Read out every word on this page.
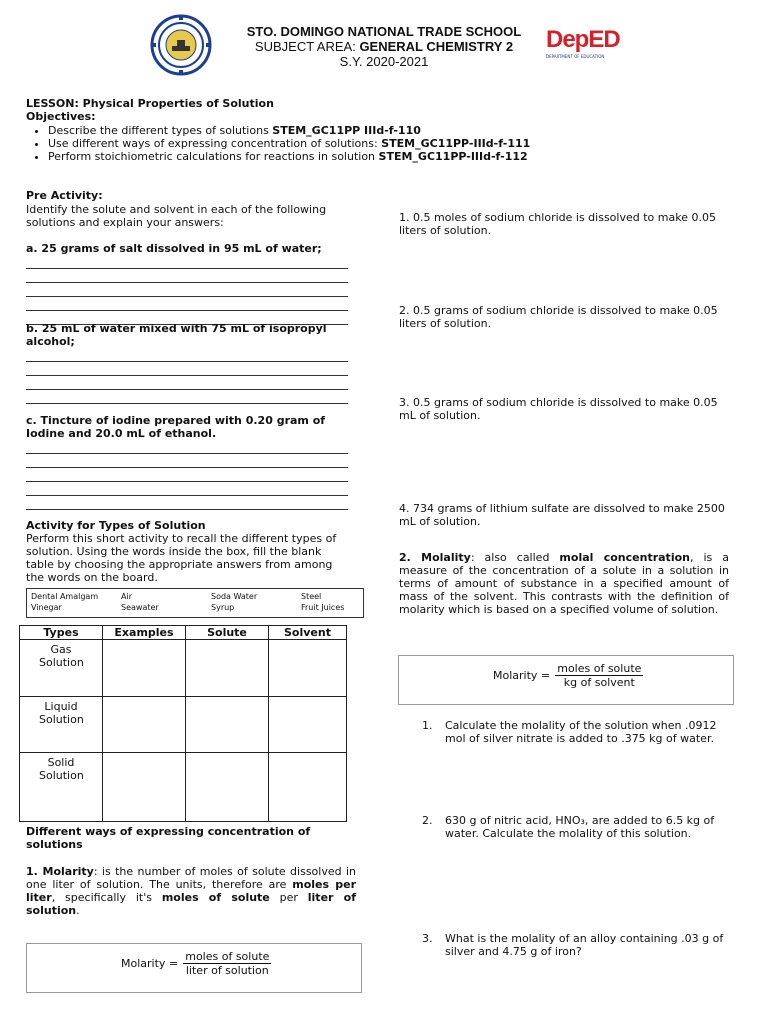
STO. DOMINGO NATIONAL TRADE SCHOOL
SUBJECT AREA: GENERAL CHEMISTRY 2
S.Y. 2020-2021
DepED
DEPARTMENT OF EDUCATION
LESSON: Physical Properties of Solution
Objectives:
• Describe the different types of solutions STEM_GC11PP IIId-f-110
• Use different ways of expressing concentration of solutions: STEM_GC11PP-IIId-f-111
• Perform stoichiometric calculations for reactions in solution STEM_GC11PP-IIId-f-112
Pre Activity:
Identify the solute and solvent in each of the following solutions and explain your answers:
a. 25 grams of salt dissolved in 95 mL of water;
b. 25 mL of water mixed with 75 mL of isopropyl alcohol;
c. Tincture of iodine prepared with 0.20 gram of Iodine and 20.0 mL of ethanol.
Activity for Types of Solution
Perform this short activity to recall the different types of solution. Using the words inside the box, fill the blank table by choosing the appropriate answers from among the words on the board.
Dental Amalgam	Air	Soda Water	Steel
Vinegar	Seawater	Syrup	Fruit Juices
Types	Examples	Solute	Solvent

Gas Solution			

Liquid Solution			

Solid Solution			

Different ways of expressing concentration of solutions
1. Molarity: is the number of moles of solute dissolved in one liter of solution. The units, therefore are moles per liter, specifically it's moles of solute per liter of solution.
Molarity = $\frac{\text{moles of solute}}{\text{liter of solution}}$
1. 0.5 moles of sodium chloride is dissolved to make 0.05 liters of solution.
2. 0.5 grams of sodium chloride is dissolved to make 0.05 liters of solution.
3. 0.5 grams of sodium chloride is dissolved to make 0.05 mL of solution.
4. 734 grams of lithium sulfate are dissolved to make 2500 mL of solution.
2. Molality: also called molal concentration, is a measure of the concentration of a solute in a solution in terms of amount of substance in a specified amount of mass of the solvent. This contrasts with the definition of molarity which is based on a specified volume of solution.
Molarity = $\frac{\text{moles of solute}}{\text{kg of solvent}}$
1. Calculate the molality of the solution when .0912 mol of silver nitrate is added to .375 kg of water.
2. 630 g of nitric acid, HNO₃, are added to 6.5 kg of water. Calculate the molality of this solution.
3. What is the molality of an alloy containing .03 g of silver and 4.75 g of iron?
